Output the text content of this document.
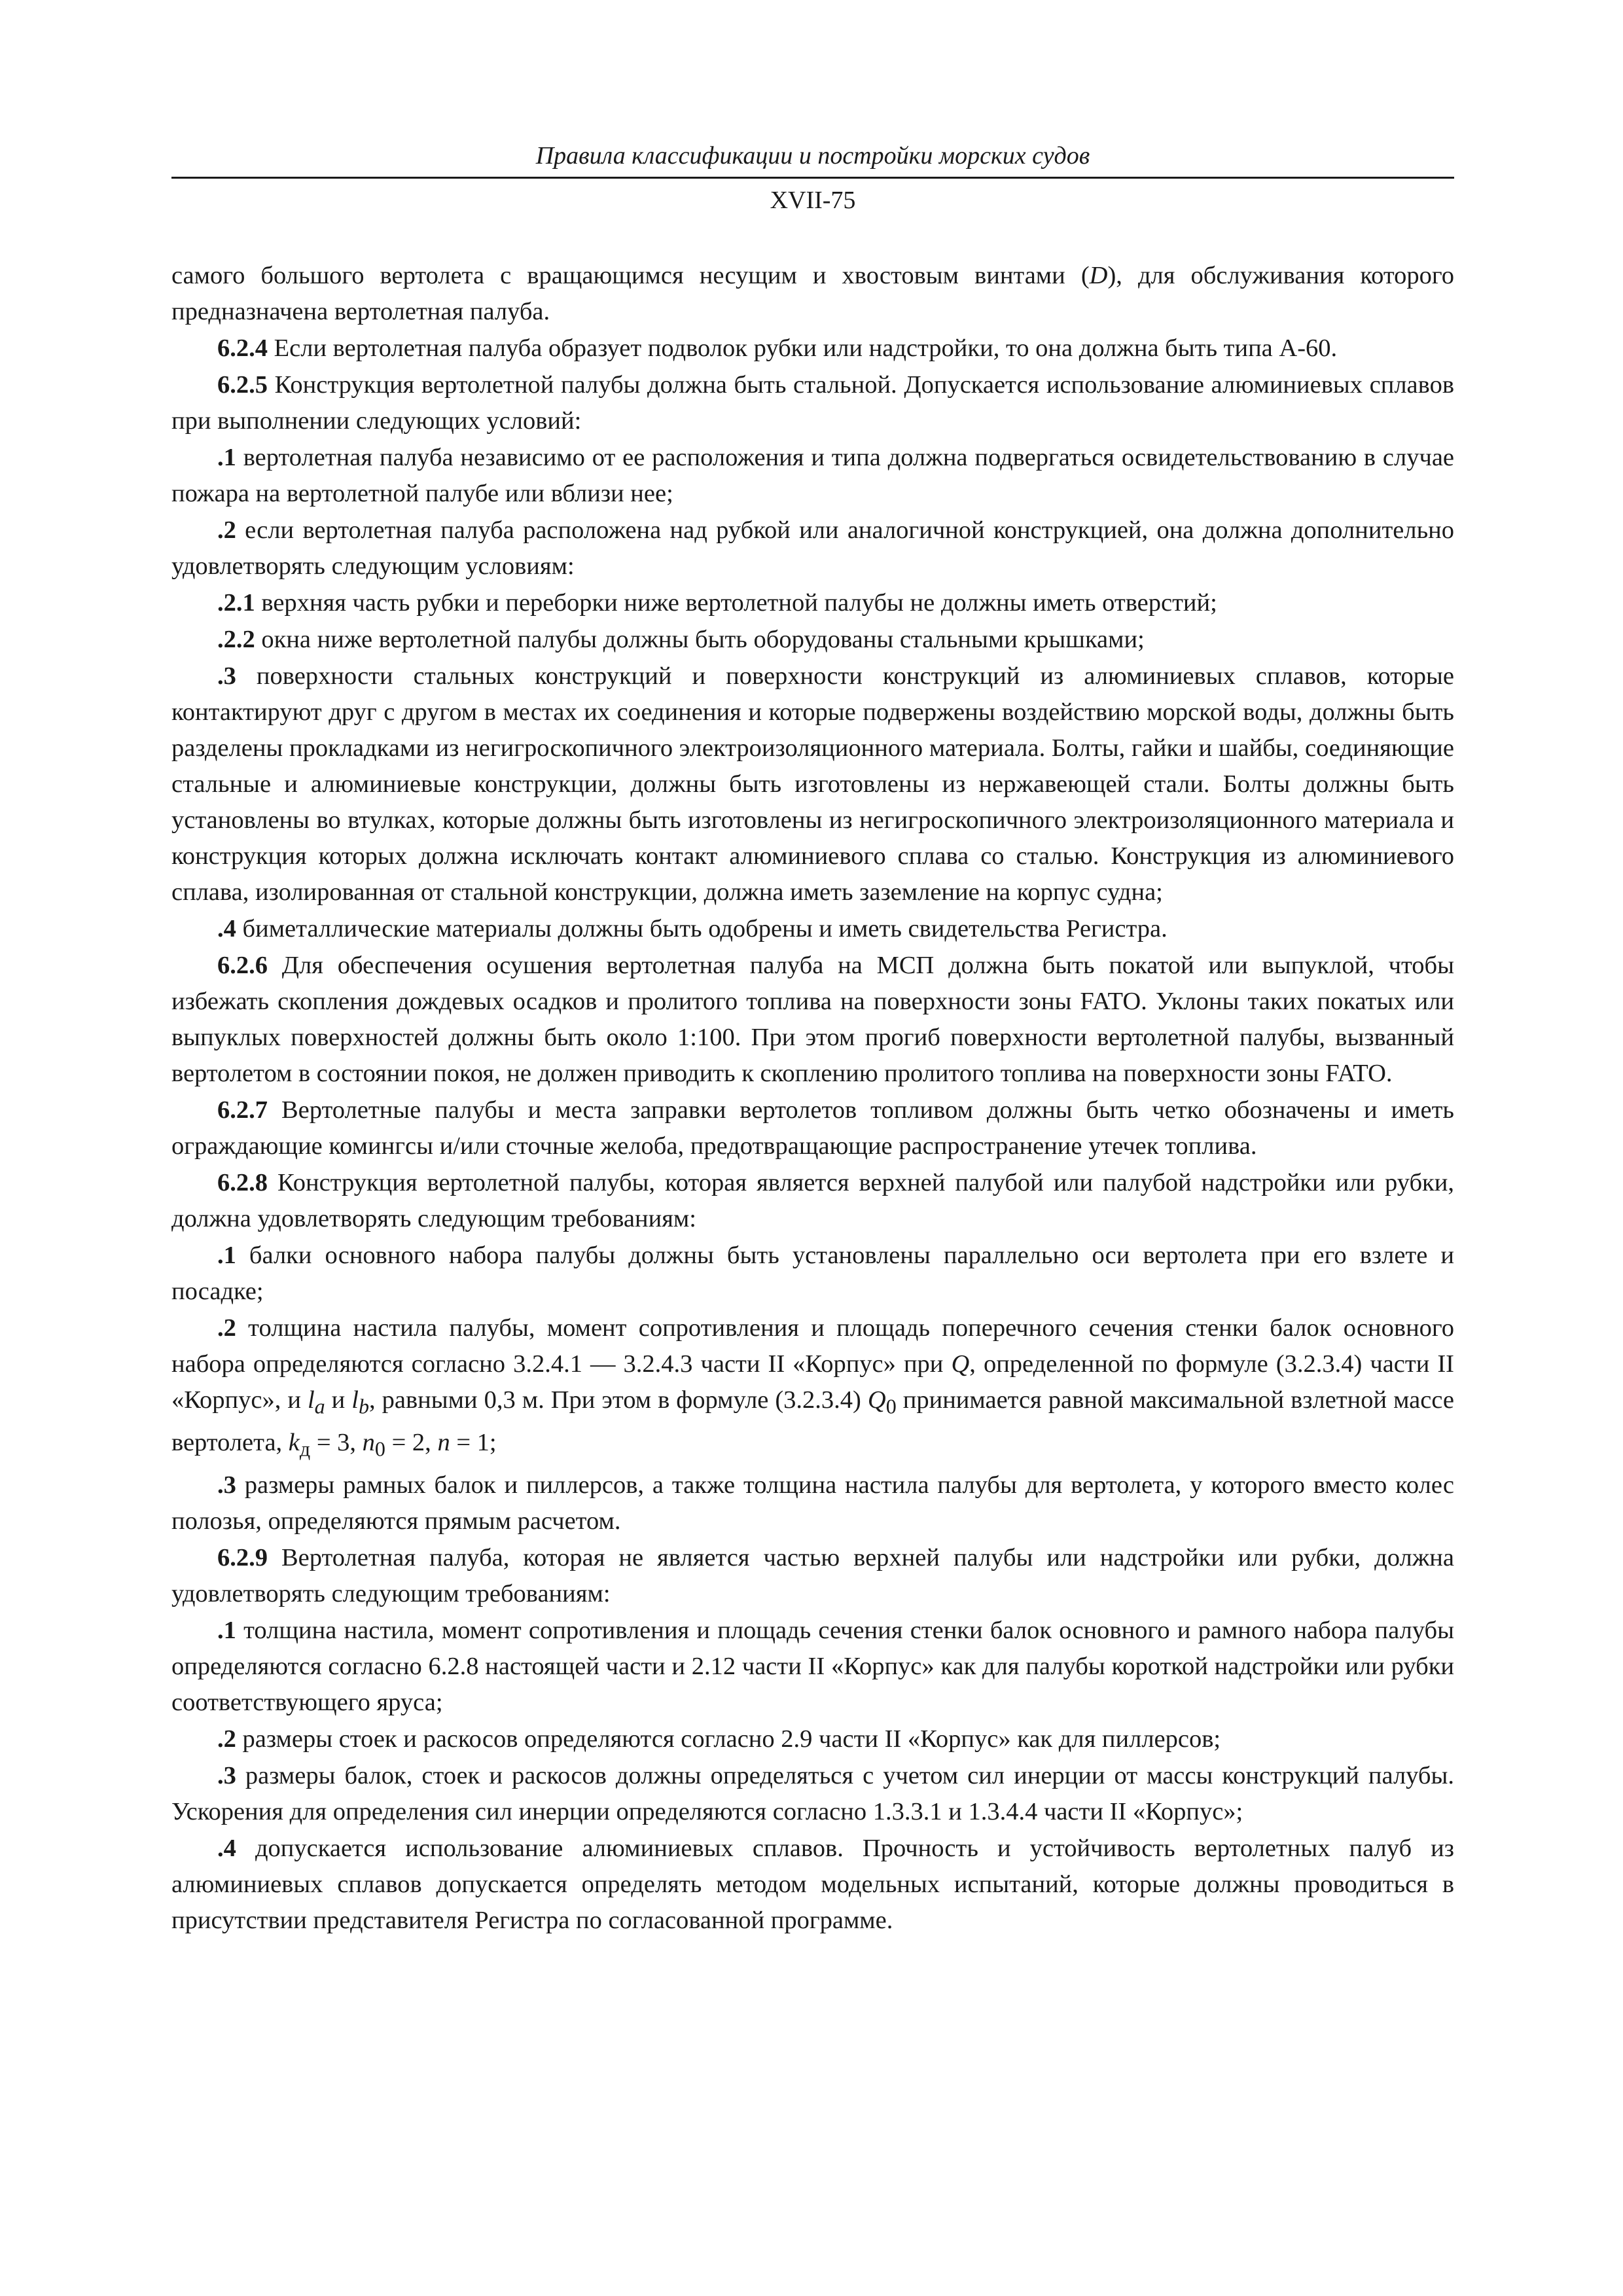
Правила классификации и постройки морских судов
XVII-75

самого большого вертолета с вращающимся несущим и хвостовым винтами (D), для обслуживания которого предназначена вертолетная палуба.

6.2.4 Если вертолетная палуба образует подволок рубки или надстройки, то она должна быть типа А-60.

6.2.5 Конструкция вертолетной палубы должна быть стальной. Допускается использование алюминиевых сплавов при выполнении следующих условий:

.1 вертолетная палуба независимо от ее расположения и типа должна подвергаться освидетельствованию в случае пожара на вертолетной палубе или вблизи нее;

.2 если вертолетная палуба расположена над рубкой или аналогичной конструкцией, она должна дополнительно удовлетворять следующим условиям:

.2.1 верхняя часть рубки и переборки ниже вертолетной палубы не должны иметь отверстий;

.2.2 окна ниже вертолетной палубы должны быть оборудованы стальными крышками;

.3 поверхности стальных конструкций и поверхности конструкций из алюминиевых сплавов, которые контактируют друг с другом в местах их соединения и которые подвержены воздействию морской воды, должны быть разделены прокладками из негигроскопичного электроизоляционного материала. Болты, гайки и шайбы, соединяющие стальные и алюминиевые конструкции, должны быть изготовлены из нержавеющей стали. Болты должны быть установлены во втулках, которые должны быть изготовлены из негигроскопичного электроизоляционного материала и конструкция которых должна исключать контакт алюминиевого сплава со сталью. Конструкция из алюминиевого сплава, изолированная от стальной конструкции, должна иметь заземление на корпус судна;

.4 биметаллические материалы должны быть одобрены и иметь свидетельства Регистра.

6.2.6 Для обеспечения осушения вертолетная палуба на МСП должна быть покатой или выпуклой, чтобы избежать скопления дождевых осадков и пролитого топлива на поверхности зоны FATO. Уклоны таких покатых или выпуклых поверхностей должны быть около 1:100. При этом прогиб поверхности вертолетной палубы, вызванный вертолетом в состоянии покоя, не должен приводить к скоплению пролитого топлива на поверхности зоны FATO.

6.2.7 Вертолетные палубы и места заправки вертолетов топливом должны быть четко обозначены и иметь ограждающие комингсы и/или сточные желоба, предотвращающие распространение утечек топлива.

6.2.8 Конструкция вертолетной палубы, которая является верхней палубой или палубой надстройки или рубки, должна удовлетворять следующим требованиям:

.1 балки основного набора палубы должны быть установлены параллельно оси вертолета при его взлете и посадке;

.2 толщина настила палубы, момент сопротивления и площадь поперечного сечения стенки балок основного набора определяются согласно 3.2.4.1 — 3.2.4.3 части II «Корпус» при Q, определенной по формуле (3.2.3.4) части II «Корпус», и $l_a$ и $l_b$, равными 0,3 м. При этом в формуле (3.2.3.4) $Q_0$ принимается равной максимальной взлетной массе вертолета, $k_д = 3$, $n_0 = 2$, n = 1;

.3 размеры рамных балок и пиллерсов, а также толщина настила палубы для вертолета, у которого вместо колес полозья, определяются прямым расчетом.

6.2.9 Вертолетная палуба, которая не является частью верхней палубы или надстройки или рубки, должна удовлетворять следующим требованиям:

.1 толщина настила, момент сопротивления и площадь сечения стенки балок основного и рамного набора палубы определяются согласно 6.2.8 настоящей части и 2.12 части II «Корпус» как для палубы короткой надстройки или рубки соответствующего яруса;

.2 размеры стоек и раскосов определяются согласно 2.9 части II «Корпус» как для пиллерсов;

.3 размеры балок, стоек и раскосов должны определяться с учетом сил инерции от массы конструкций палубы. Ускорения для определения сил инерции определяются согласно 1.3.3.1 и 1.3.4.4 части II «Корпус»;

.4 допускается использование алюминиевых сплавов. Прочность и устойчивость вертолетных палуб из алюминиевых сплавов допускается определять методом модельных испытаний, которые должны проводиться в присутствии представителя Регистра по согласованной программе.
